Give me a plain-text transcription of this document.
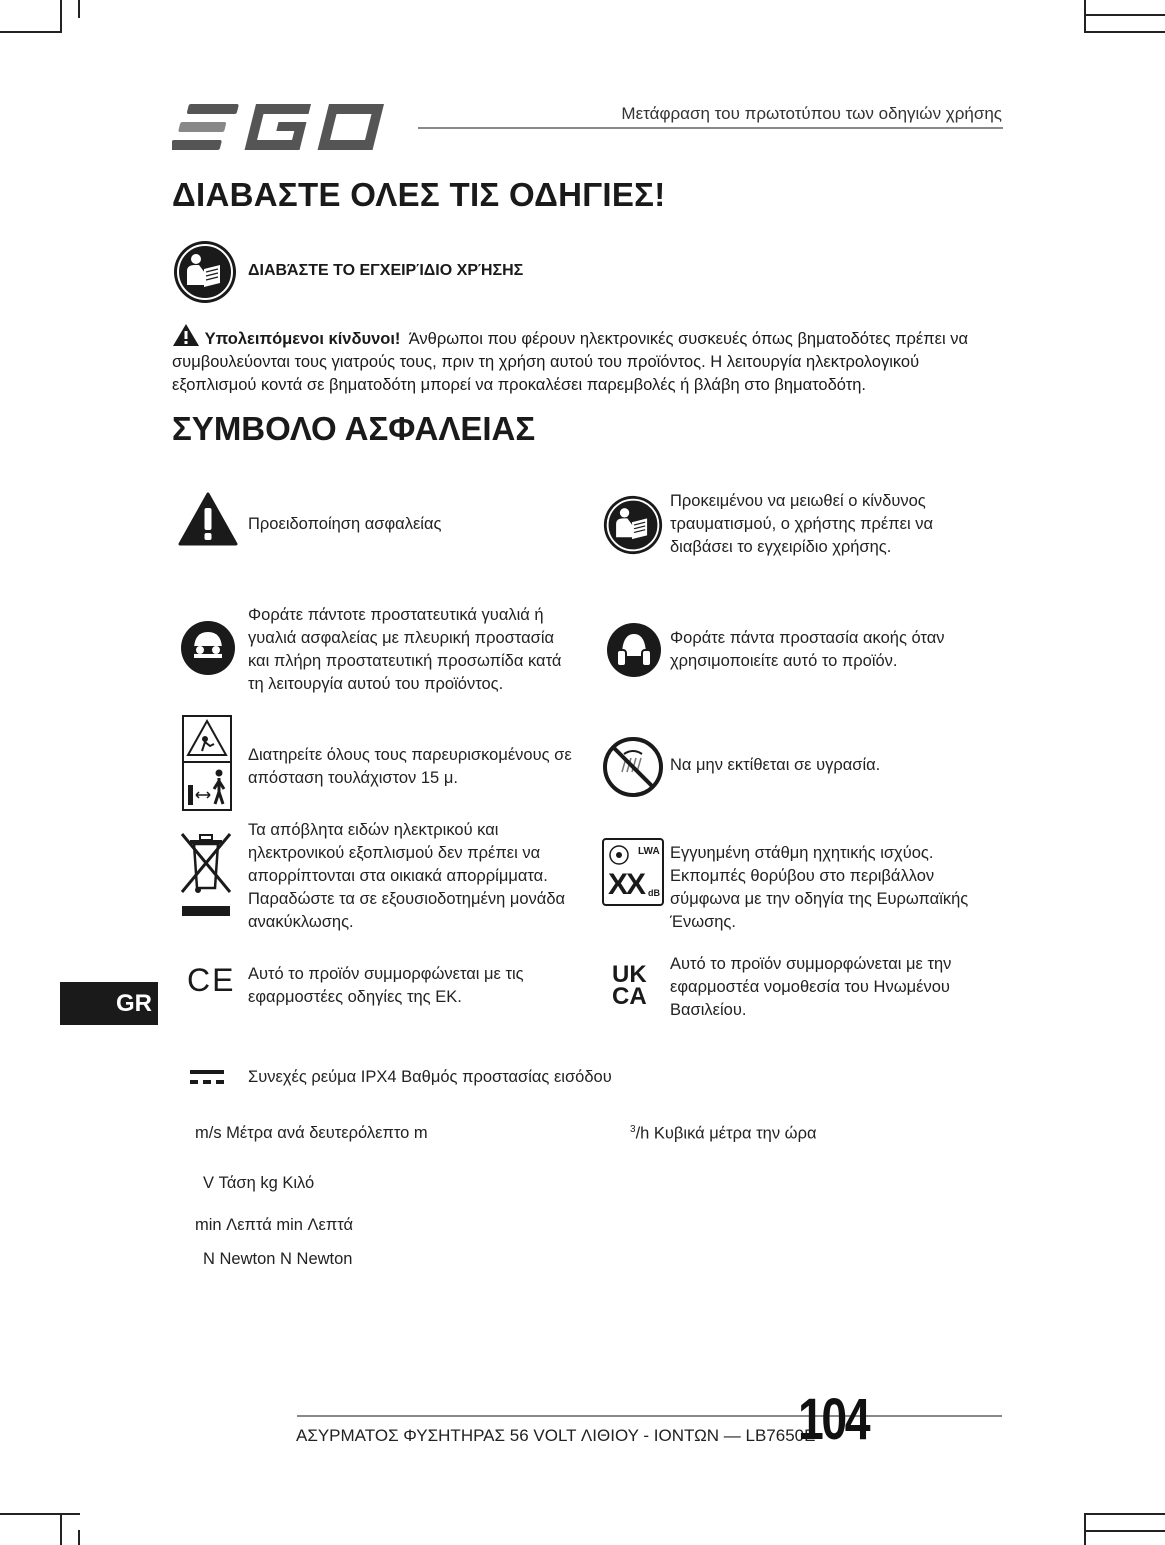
Μετάφραση του πρωτοτύπου των οδηγιών χρήσης
ΔΙΑΒΑΣΤΕ ΟΛΕΣ ΤΙΣ ΟΔΗΓΙΕΣ!
ΔΙΑΒΆΣΤΕ ΤΟ ΕΓΧΕΙΡΊΔΙΟ ΧΡΉΣΗΣ
Υπολειπόμενοι κίνδυνοι! Άνθρωποι που φέρουν ηλεκτρονικές συσκευές όπως βηματοδότες πρέπει να συμβουλεύονται τους γιατρούς τους, πριν τη χρήση αυτού του προϊόντος. Η λειτουργία ηλεκτρολογικού εξοπλισμού κοντά σε βηματοδότη μπορεί να προκαλέσει παρεμβολές ή βλάβη στο βηματοδότη.
ΣΥΜΒΟΛΟ ΑΣΦΑΛΕΙΑΣ
Προειδοποίηση ασφαλείας
Προκειμένου να μειωθεί ο κίνδυνος τραυματισμού, ο χρήστης πρέπει να διαβάσει το εγχειρίδιο χρήσης.
Φοράτε πάντοτε προστατευτικά γυαλιά ή γυαλιά ασφαλείας με πλευρική προστασία και πλήρη προστατευτική προσωπίδα κατά τη λειτουργία αυτού του προϊόντος.
Φοράτε πάντα προστασία ακοής όταν χρησιμοποιείτε αυτό το προϊόν.
Διατηρείτε όλους τους παρευρισκομένους σε απόσταση τουλάχιστον 15 μ.
Να μην εκτίθεται σε υγρασία.
Τα απόβλητα ειδών ηλεκτρικού και ηλεκτρονικού εξοπλισμού δεν πρέπει να απορρίπτονται στα οικιακά απορρίμματα. Παραδώστε τα σε εξουσιοδοτημένη μονάδα ανακύκλωσης.
LWA
XX dB
Εγγυημένη στάθμη ηχητικής ισχύος. Εκπομπές θορύβου στο περιβάλλον σύμφωνα με την οδηγία της Ευρωπαϊκής Ένωσης.
CE Αυτό το προϊόν συμμορφώνεται με τις εφαρμοστέες οδηγίες της ΕΚ.
UK
CA
Αυτό το προϊόν συμμορφώνεται με την εφαρμοστέα νομοθεσία του Ηνωμένου Βασιλείου.
GR
Συνεχές ρεύμα IPX4 Βαθμός προστασίας εισόδου
m/s Μέτρα ανά δευτερόλεπτο m	$^3$/h Κυβικά μέτρα την ώρα
V Τάση kg Κιλό
min Λεπτά min Λεπτά
N Newton N Newton
ΑΣΥΡΜΑΤΟΣ ΦΥΣΗΤΗΡΑΣ 56 VOLT ΛΙΘΙΟΥ - ΙΟΝΤΩΝ — LB7650E
104
